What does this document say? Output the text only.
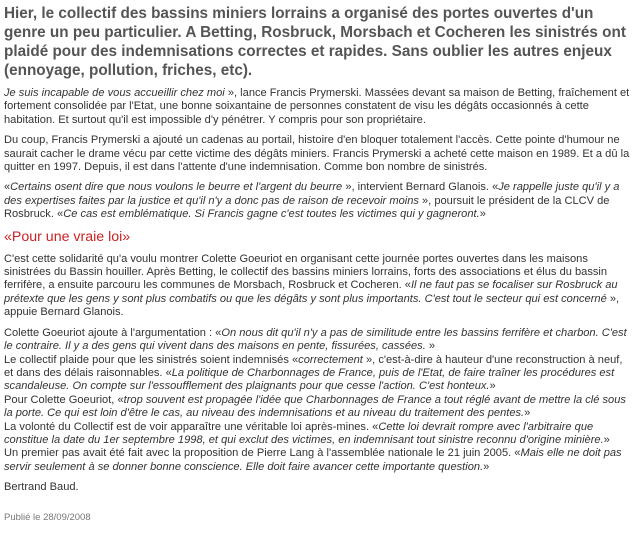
Hier, le collectif des bassins miniers lorrains a organisé des portes ouvertes d'un genre un peu particulier. A Betting, Rosbruck, Morsbach et Cocheren les sinistrés ont plaidé pour des indemnisations correctes et rapides. Sans oublier les autres enjeux (ennoyage, pollution, friches, etc).

Je suis incapable de vous accueillir chez moi », lance Francis Prymerski. Massées devant sa maison de Betting, fraîchement et fortement consolidée par l'Etat, une bonne soixantaine de personnes constatent de visu les dégâts occasionnés à cette habitation. Et surtout qu'il est impossible d'y pénétrer. Y compris pour son propriétaire.

Du coup, Francis Prymerski a ajouté un cadenas au portail, histoire d'en bloquer totalement l'accès. Cette pointe d'humour ne saurait cacher le drame vécu par cette victime des dégâts miniers. Francis Prymerski a acheté cette maison en 1989. Et a dû la quitter en 1997. Depuis, il est dans l'attente d'une indemnisation. Comme bon nombre de sinistrés.

«Certains osent dire que nous voulons le beurre et l'argent du beurre », intervient Bernard Glanois. «Je rappelle juste qu'il y a des expertises faites par la justice et qu'il n'y a donc pas de raison de recevoir moins », poursuit le président de la CLCV de Rosbruck. «Ce cas est emblématique. Si Francis gagne c'est toutes les victimes qui y gagneront.»

«Pour une vraie loi»

C'est cette solidarité qu'a voulu montrer Colette Goeuriot en organisant cette journée portes ouvertes dans les maisons sinistrées du Bassin houiller. Après Betting, le collectif des bassins miniers lorrains, forts des associations et élus du bassin ferrifère, a ensuite parcouru les communes de Morsbach, Rosbruck et Cocheren. «Il ne faut pas se focaliser sur Rosbruck au prétexte que les gens y sont plus combatifs ou que les dégâts y sont plus importants. C'est tout le secteur qui est concerné », appuie Bernard Glanois.

Colette Goeuriot ajoute à l'argumentation : «On nous dit qu'il n'y a pas de similitude entre les bassins ferrifère et charbon. C'est le contraire. Il y a des gens qui vivent dans des maisons en pente, fissurées, cassées. »

Le collectif plaide pour que les sinistrés soient indemnisés «correctement », c'est-à-dire à hauteur d'une reconstruction à neuf, et dans des délais raisonnables. «La politique de Charbonnages de France, puis de l'Etat, de faire traîner les procédures est scandaleuse. On compte sur l'essoufflement des plaignants pour que cesse l'action. C'est honteux.»

Pour Colette Goeuriot, «trop souvent est propagée l'idée que Charbonnages de France a tout réglé avant de mettre la clé sous la porte. Ce qui est loin d'être le cas, au niveau des indemnisations et au niveau du traitement des pentes.»

La volonté du Collectif est de voir apparaître une véritable loi après-mines. «Cette loi devrait rompre avec l'arbitraire que constitue la date du 1er septembre 1998, et qui exclut des victimes, en indemnisant tout sinistre reconnu d'origine minière.»

Un premier pas avait été fait avec la proposition de Pierre Lang à l'assemblée nationale le 21 juin 2005. «Mais elle ne doit pas servir seulement à se donner bonne conscience. Elle doit faire avancer cette importante question.»

Bertrand Baud.
Publié le 28/09/2008
